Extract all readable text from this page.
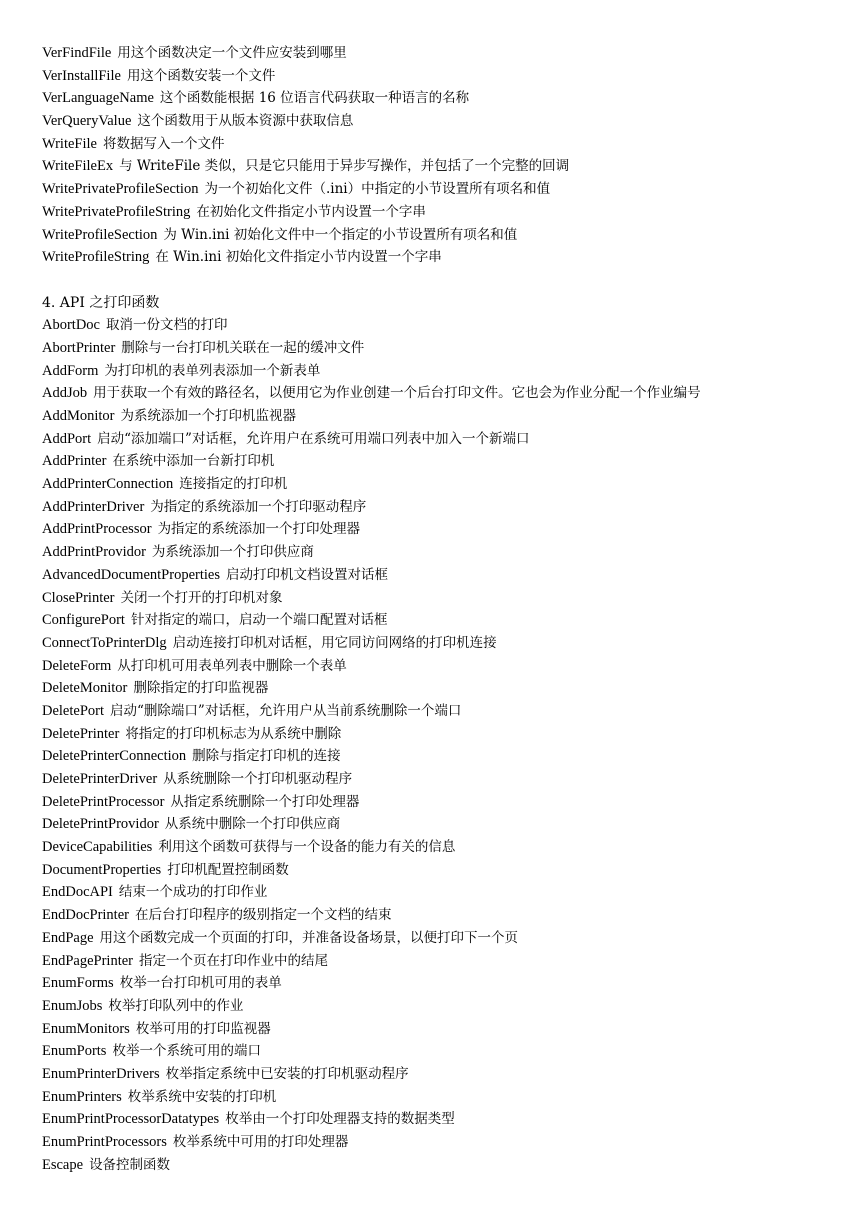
VerFindFile 用这个函数决定一个文件应安装到哪里
VerInstallFile 用这个函数安装一个文件
VerLanguageName 这个函数能根据 16 位语言代码获取一种语言的名称
VerQueryValue 这个函数用于从版本资源中获取信息
WriteFile 将数据写入一个文件
WriteFileEx 与 WriteFile 类似，只是它只能用于异步写操作，并包括了一个完整的回调
WritePrivateProfileSection 为一个初始化文件（.ini）中指定的小节设置所有项名和值
WritePrivateProfileString 在初始化文件指定小节内设置一个字串
WriteProfileSection 为 Win.ini 初始化文件中一个指定的小节设置所有项名和值
WriteProfileString 在 Win.ini 初始化文件指定小节内设置一个字串
4. API 之打印函数
AbortDoc 取消一份文档的打印
AbortPrinter 删除与一台打印机关联在一起的缓冲文件
AddForm 为打印机的表单列表添加一个新表单
AddJob 用于获取一个有效的路径名，以便用它为作业创建一个后台打印文件。它也会为作业分配一个作业编号
AddMonitor 为系统添加一个打印机监视器
AddPort 启动“添加端口”对话框，允许用户在系统可用端口列表中加入一个新端口
AddPrinter 在系统中添加一台新打印机
AddPrinterConnection 连接指定的打印机
AddPrinterDriver 为指定的系统添加一个打印驱动程序
AddPrintProcessor 为指定的系统添加一个打印处理器
AddPrintProvidor 为系统添加一个打印供应商
AdvancedDocumentProperties 启动打印机文档设置对话框
ClosePrinter 关闭一个打开的打印机对象
ConfigurePort 针对指定的端口，启动一个端口配置对话框
ConnectToPrinterDlg 启动连接打印机对话框，用它同访问网络的打印机连接
DeleteForm 从打印机可用表单列表中删除一个表单
DeleteMonitor 删除指定的打印监视器
DeletePort 启动“删除端口”对话框，允许用户从当前系统删除一个端口
DeletePrinter 将指定的打印机标志为从系统中删除
DeletePrinterConnection 删除与指定打印机的连接
DeletePrinterDriver 从系统删除一个打印机驱动程序
DeletePrintProcessor 从指定系统删除一个打印处理器
DeletePrintProvidor 从系统中删除一个打印供应商
DeviceCapabilities 利用这个函数可获得与一个设备的能力有关的信息
DocumentProperties 打印机配置控制函数
EndDocAPI 结束一个成功的打印作业
EndDocPrinter 在后台打印程序的级别指定一个文档的结束
EndPage 用这个函数完成一个页面的打印，并准备设备场景，以便打印下一个页
EndPagePrinter 指定一个页在打印作业中的结尾
EnumForms 枚举一台打印机可用的表单
EnumJobs 枚举打印队列中的作业
EnumMonitors 枚举可用的打印监视器
EnumPorts 枚举一个系统可用的端口
EnumPrinterDrivers 枚举指定系统中已安装的打印机驱动程序
EnumPrinters 枚举系统中安装的打印机
EnumPrintProcessorDatatypes 枚举由一个打印处理器支持的数据类型
EnumPrintProcessors 枚举系统中可用的打印处理器
Escape 设备控制函数
